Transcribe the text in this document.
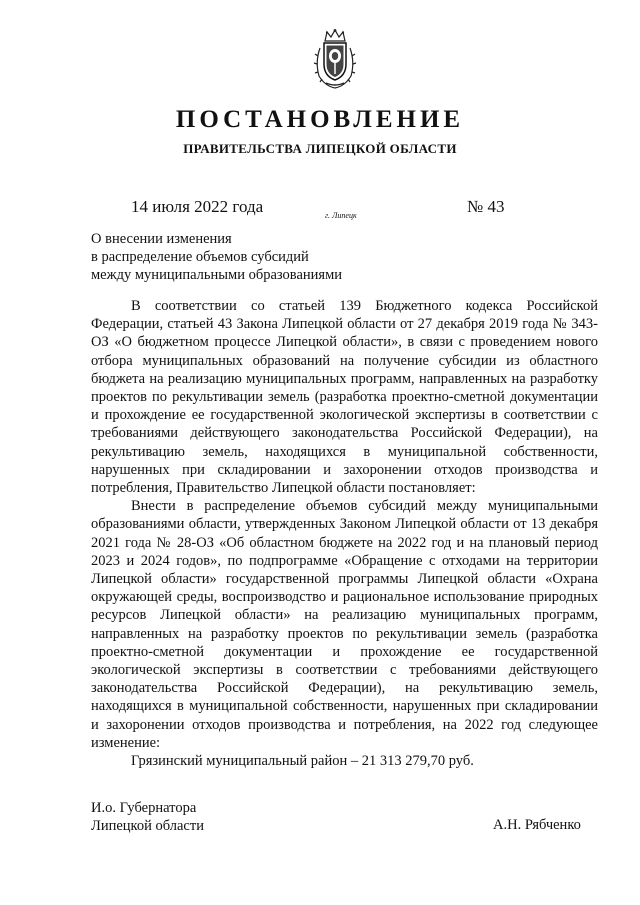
ПОСТАНОВЛЕНИЕ
ПРАВИТЕЛЬСТВА ЛИПЕЦКОЙ ОБЛАСТИ
14 июля 2022 года	г. Липецк	№ 43
О внесении изменения
в распределение объемов субсидий
между муниципальными образованиями

В соответствии со статьей 139 Бюджетного кодекса Российской Федерации, статьей 43 Закона Липецкой области от 27 декабря 2019 года № 343-ОЗ «О бюджетном процессе Липецкой области», в связи с проведением нового отбора муниципальных образований на получение субсидии из областного бюджета на реализацию муниципальных программ, направленных на разработку проектов по рекультивации земель (разработка проектно-сметной документации и прохождение ее государственной экологической экспертизы в соответствии с требованиями действующего законодательства Российской Федерации), на рекультивацию земель, находящихся в муниципальной собственности, нарушенных при складировании и захоронении отходов производства и потребления, Правительство Липецкой области постановляет:

Внести в распределение объемов субсидий между муниципальными образованиями области, утвержденных Законом Липецкой области от 13 декабря 2021 года № 28-ОЗ «Об областном бюджете на 2022 год и на плановый период 2023 и 2024 годов», по подпрограмме «Обращение с отходами на территории Липецкой области» государственной программы Липецкой области «Охрана окружающей среды, воспроизводство и рациональное использование природных ресурсов Липецкой области» на реализацию муниципальных программ, направленных на разработку проектов по рекультивации земель (разработка проектно-сметной документации и прохождение ее государственной экологической экспертизы в соответствии с требованиями действующего законодательства Российской Федерации), на рекультивацию земель, находящихся в муниципальной собственности, нарушенных при складировании и захоронении отходов производства и потребления, на 2022 год следующее изменение:

Грязинский муниципальный район – 21 313 279,70 руб.

И.о. Губернатора
Липецкой области	А.Н. Рябченко
